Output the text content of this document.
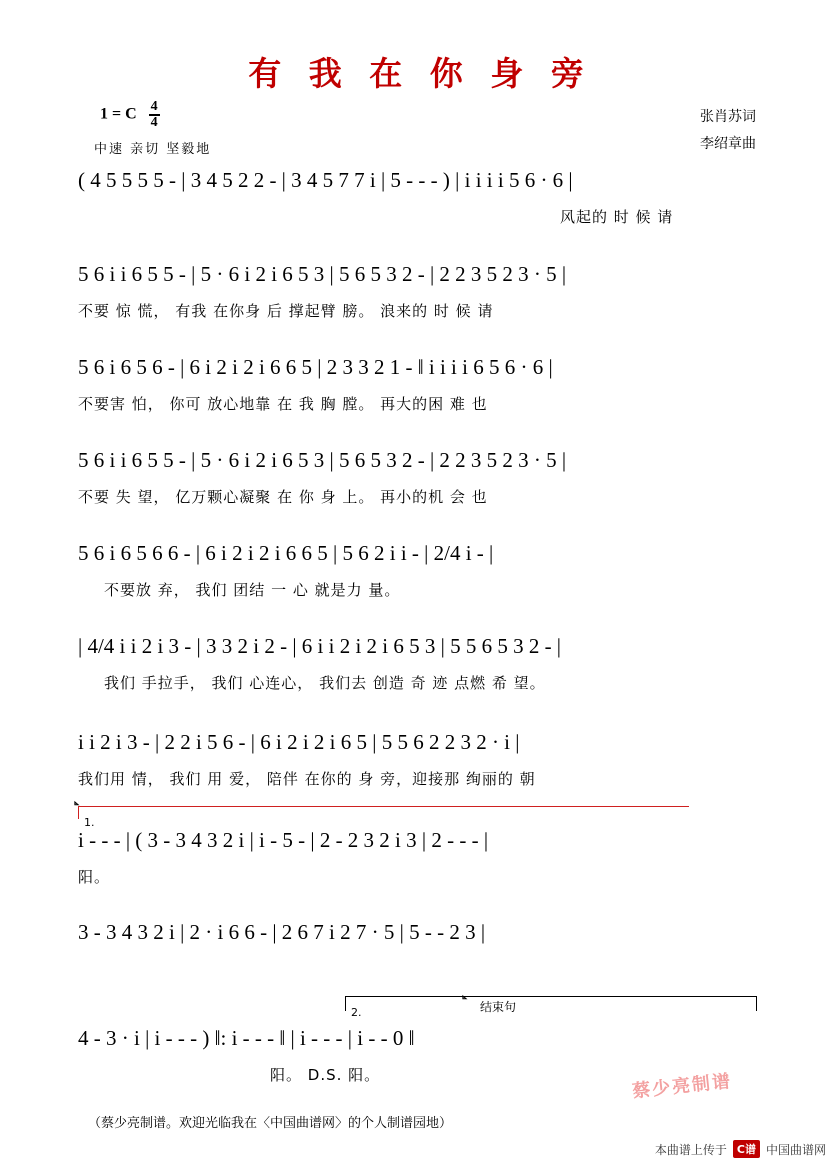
有 我 在 你 身 旁
1 = C $\frac{4}{4}$
中速 亲切 坚毅地
张肖苏词
李绍章曲
( 4 5 5 5 5 - | 3 4 5 2 2 - | 3 4 5 7 7 i | 5 - - - ) | i i i i 5 6 · 6 |
风起的 时 候 请
5 6 i i 6 5 5 - | 5 · 6 i 2 i 6 5 3 | 5 6 5 3 2 - | 2 2 3 5 2 3 · 5 |
不要 惊 慌， 有我 在你身 后 撑起臂 膀。 浪来的 时 候 请
5 6 i 6 5 6 - | 6 i 2 i 2 i 6 6 5 | 2 3 3 2 1 - ‖ i i i i 6 5 6 · 6 |
不要害 怕， 你可 放心地靠 在 我 胸 膛。 再大的困 难 也
5 6 i i 6 5 5 - | 5 · 6 i 2 i 6 5 3 | 5 6 5 3 2 - | 2 2 3 5 2 3 · 5 |
不要 失 望， 亿万颗心凝聚 在 你 身 上。 再小的机 会 也
5 6 i 6 5 6 6 - | 6 i 2 i 2 i 6 6 5 | 5 6 2 i i - | 2/4 i - |
不要放 弃， 我们 团结 一 心 就是力 量。
| 4/4 i i 2 i 3 - | 3 3 2 i 2 - | 6 i i 2 i 2 i 6 5 3 | 5 5 6 5 3 2 - |
我们 手拉手， 我们 心连心， 我们去 创造 奇 迹 点燃 希 望。
i i 2 i 3 - | 2 2 i 5 6 - | 6 i 2 i 2 i 6 5 | 5 5 6 2 2 3 2 · i |
我们用 情， 我们 用 爱， 陪伴 在你的 身 旁，迎接那 绚丽的 朝
1.
𝅊
i - - - | ( 3 - 3 4 3 2 i | i - 5 - | 2 - 2 3 2 i 3 | 2 - - - |
阳。
3 - 3 4 3 2 i | 2 · i 6 6 - | 2 6 7 i 2 7 · 5 | 5 - - 2 3 |
2.
𝅊
结束句
4 - 3 · i | i - - - ) ‖: i - - - ‖ | i - - - | i - - 0 ‖
阳。 D.S. 阳。	蔡少亮制谱
（蔡少亮制谱。欢迎光临我在〈中国曲谱网〉的个人制谱园地）
本曲谱上传于 C谱 中国曲谱网
